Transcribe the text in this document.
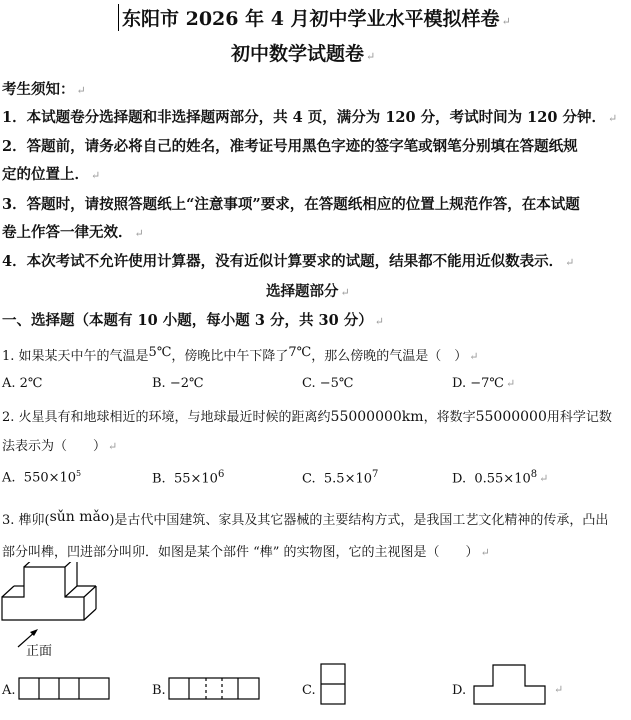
东阳市 2026 年 4 月初中学业水平模拟样卷 ↵
初中数学试题卷 ↵
考生须知： ↵
1．本试题卷分选择题和非选择题两部分，共 4 页，满分为 120 分，考试时间为 120 分钟． ↵
2．答题前，请务必将自己的姓名，准考证号用黑色字迹的签字笔或钢笔分别填在答题纸规
定的位置上． ↵
3．答题时，请按照答题纸上“注意事项”要求，在答题纸相应的位置上规范作答，在本试题
卷上作答一律无效． ↵
4．本次考试不允许使用计算器，没有近似计算要求的试题，结果都不能用近似数表示． ↵
选择题部分 ↵
一、选择题（本题有 10 小题，每小题 3 分，共 30 分） ↵
1. 如果某天中午的气温是5℃，傍晚比中午下降了7℃，那么傍晚的气温是（　） ↵
A. 2℃	B. −2℃	C. −5℃	D. −7℃ ↵
2. 火星具有和地球相近的环境，与地球最近时候的距离约55000000km，将数字55000000用科学记数
法表示为（　　） ↵
A. $550\times 10^5$	B. $55\times 10^6$	C. $5.5\times 10^7$	D. $0.55\times 10^8$ ↵
3. 榫卯(sǔn mǎo)是古代中国建筑、家具及其它器械的主要结构方式，是我国工艺文化精神的传承，凸出
部分叫榫，凹进部分叫卯．如图是某个部件 “榫” 的实物图，它的主视图是（　　） ↵
正面
A.	B.	C.	D.	↵
